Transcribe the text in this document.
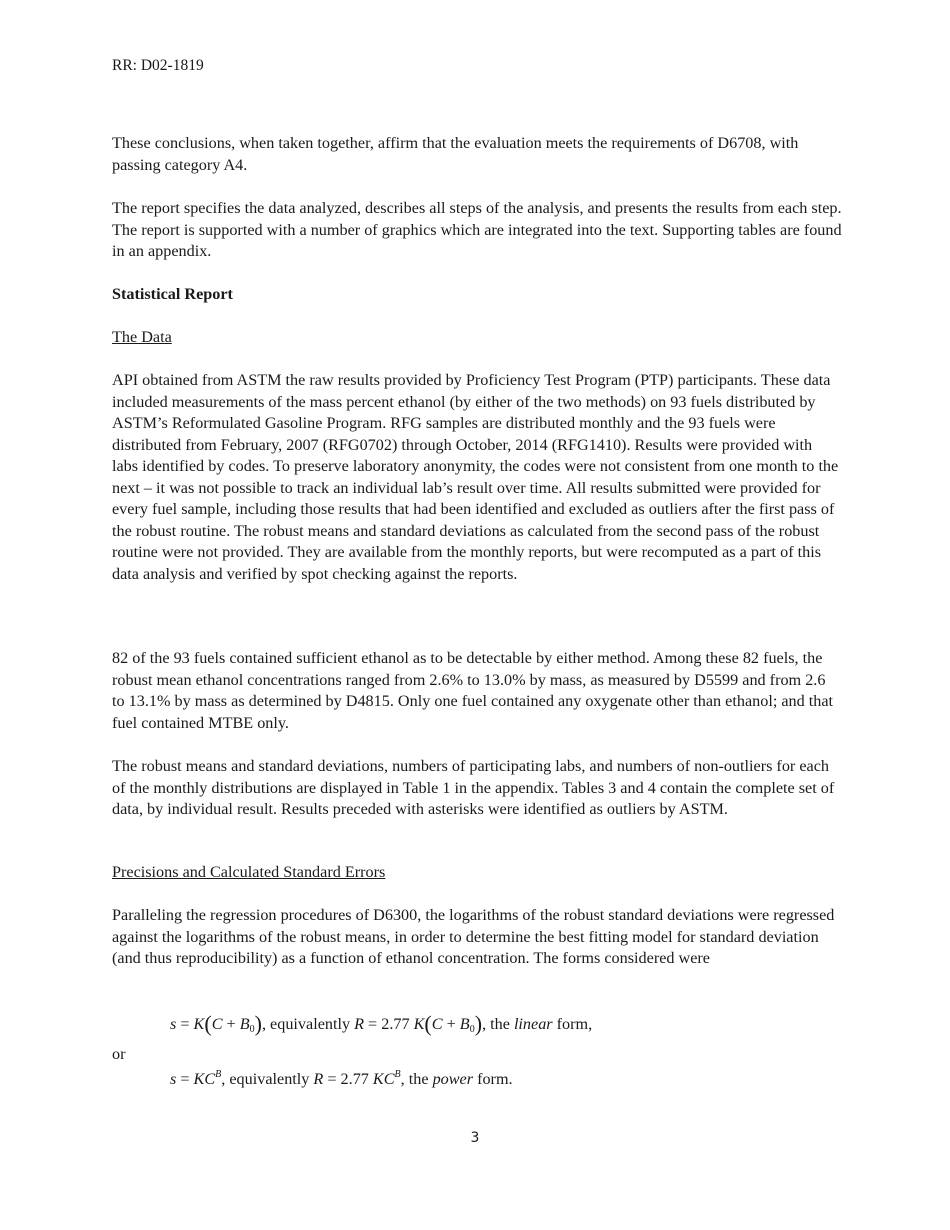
RR: D02-1819

These conclusions, when taken together, affirm that the evaluation meets the requirements of D6708, with passing category A4.

The report specifies the data analyzed, describes all steps of the analysis, and presents the results from each step. The report is supported with a number of graphics which are integrated into the text. Supporting tables are found in an appendix.

Statistical Report

The Data

API obtained from ASTM the raw results provided by Proficiency Test Program (PTP) participants. These data included measurements of the mass percent ethanol (by either of the two methods) on 93 fuels distributed by ASTM’s Reformulated Gasoline Program. RFG samples are distributed monthly and the 93 fuels were distributed from February, 2007 (RFG0702) through October, 2014 (RFG1410). Results were provided with labs identified by codes. To preserve laboratory anonymity, the codes were not consistent from one month to the next – it was not possible to track an individual lab’s result over time. All results submitted were provided for every fuel sample, including those results that had been identified and excluded as outliers after the first pass of the robust routine. The robust means and standard deviations as calculated from the second pass of the robust routine were not provided. They are available from the monthly reports, but were recomputed as a part of this data analysis and verified by spot checking against the reports.

82 of the 93 fuels contained sufficient ethanol as to be detectable by either method. Among these 82 fuels, the robust mean ethanol concentrations ranged from 2.6% to 13.0% by mass, as measured by D5599 and from 2.6 to 13.1% by mass as determined by D4815. Only one fuel contained any oxygenate other than ethanol; and that fuel contained MTBE only.

The robust means and standard deviations, numbers of participating labs, and numbers of non-outliers for each of the monthly distributions are displayed in Table 1 in the appendix. Tables 3 and 4 contain the complete set of data, by individual result. Results preceded with asterisks were identified as outliers by ASTM.

Precisions and Calculated Standard Errors

Paralleling the regression procedures of D6300, the logarithms of the robust standard deviations were regressed against the logarithms of the robust means, in order to determine the best fitting model for standard deviation (and thus reproducibility) as a function of ethanol concentration. The forms considered were

$s = K(C + B_0)$, equivalently R = 2.77 $K(C + B_0)$, the linear form,
or
$s = KC^B$, equivalently R = 2.77 $KC^B$, the power form.
3
